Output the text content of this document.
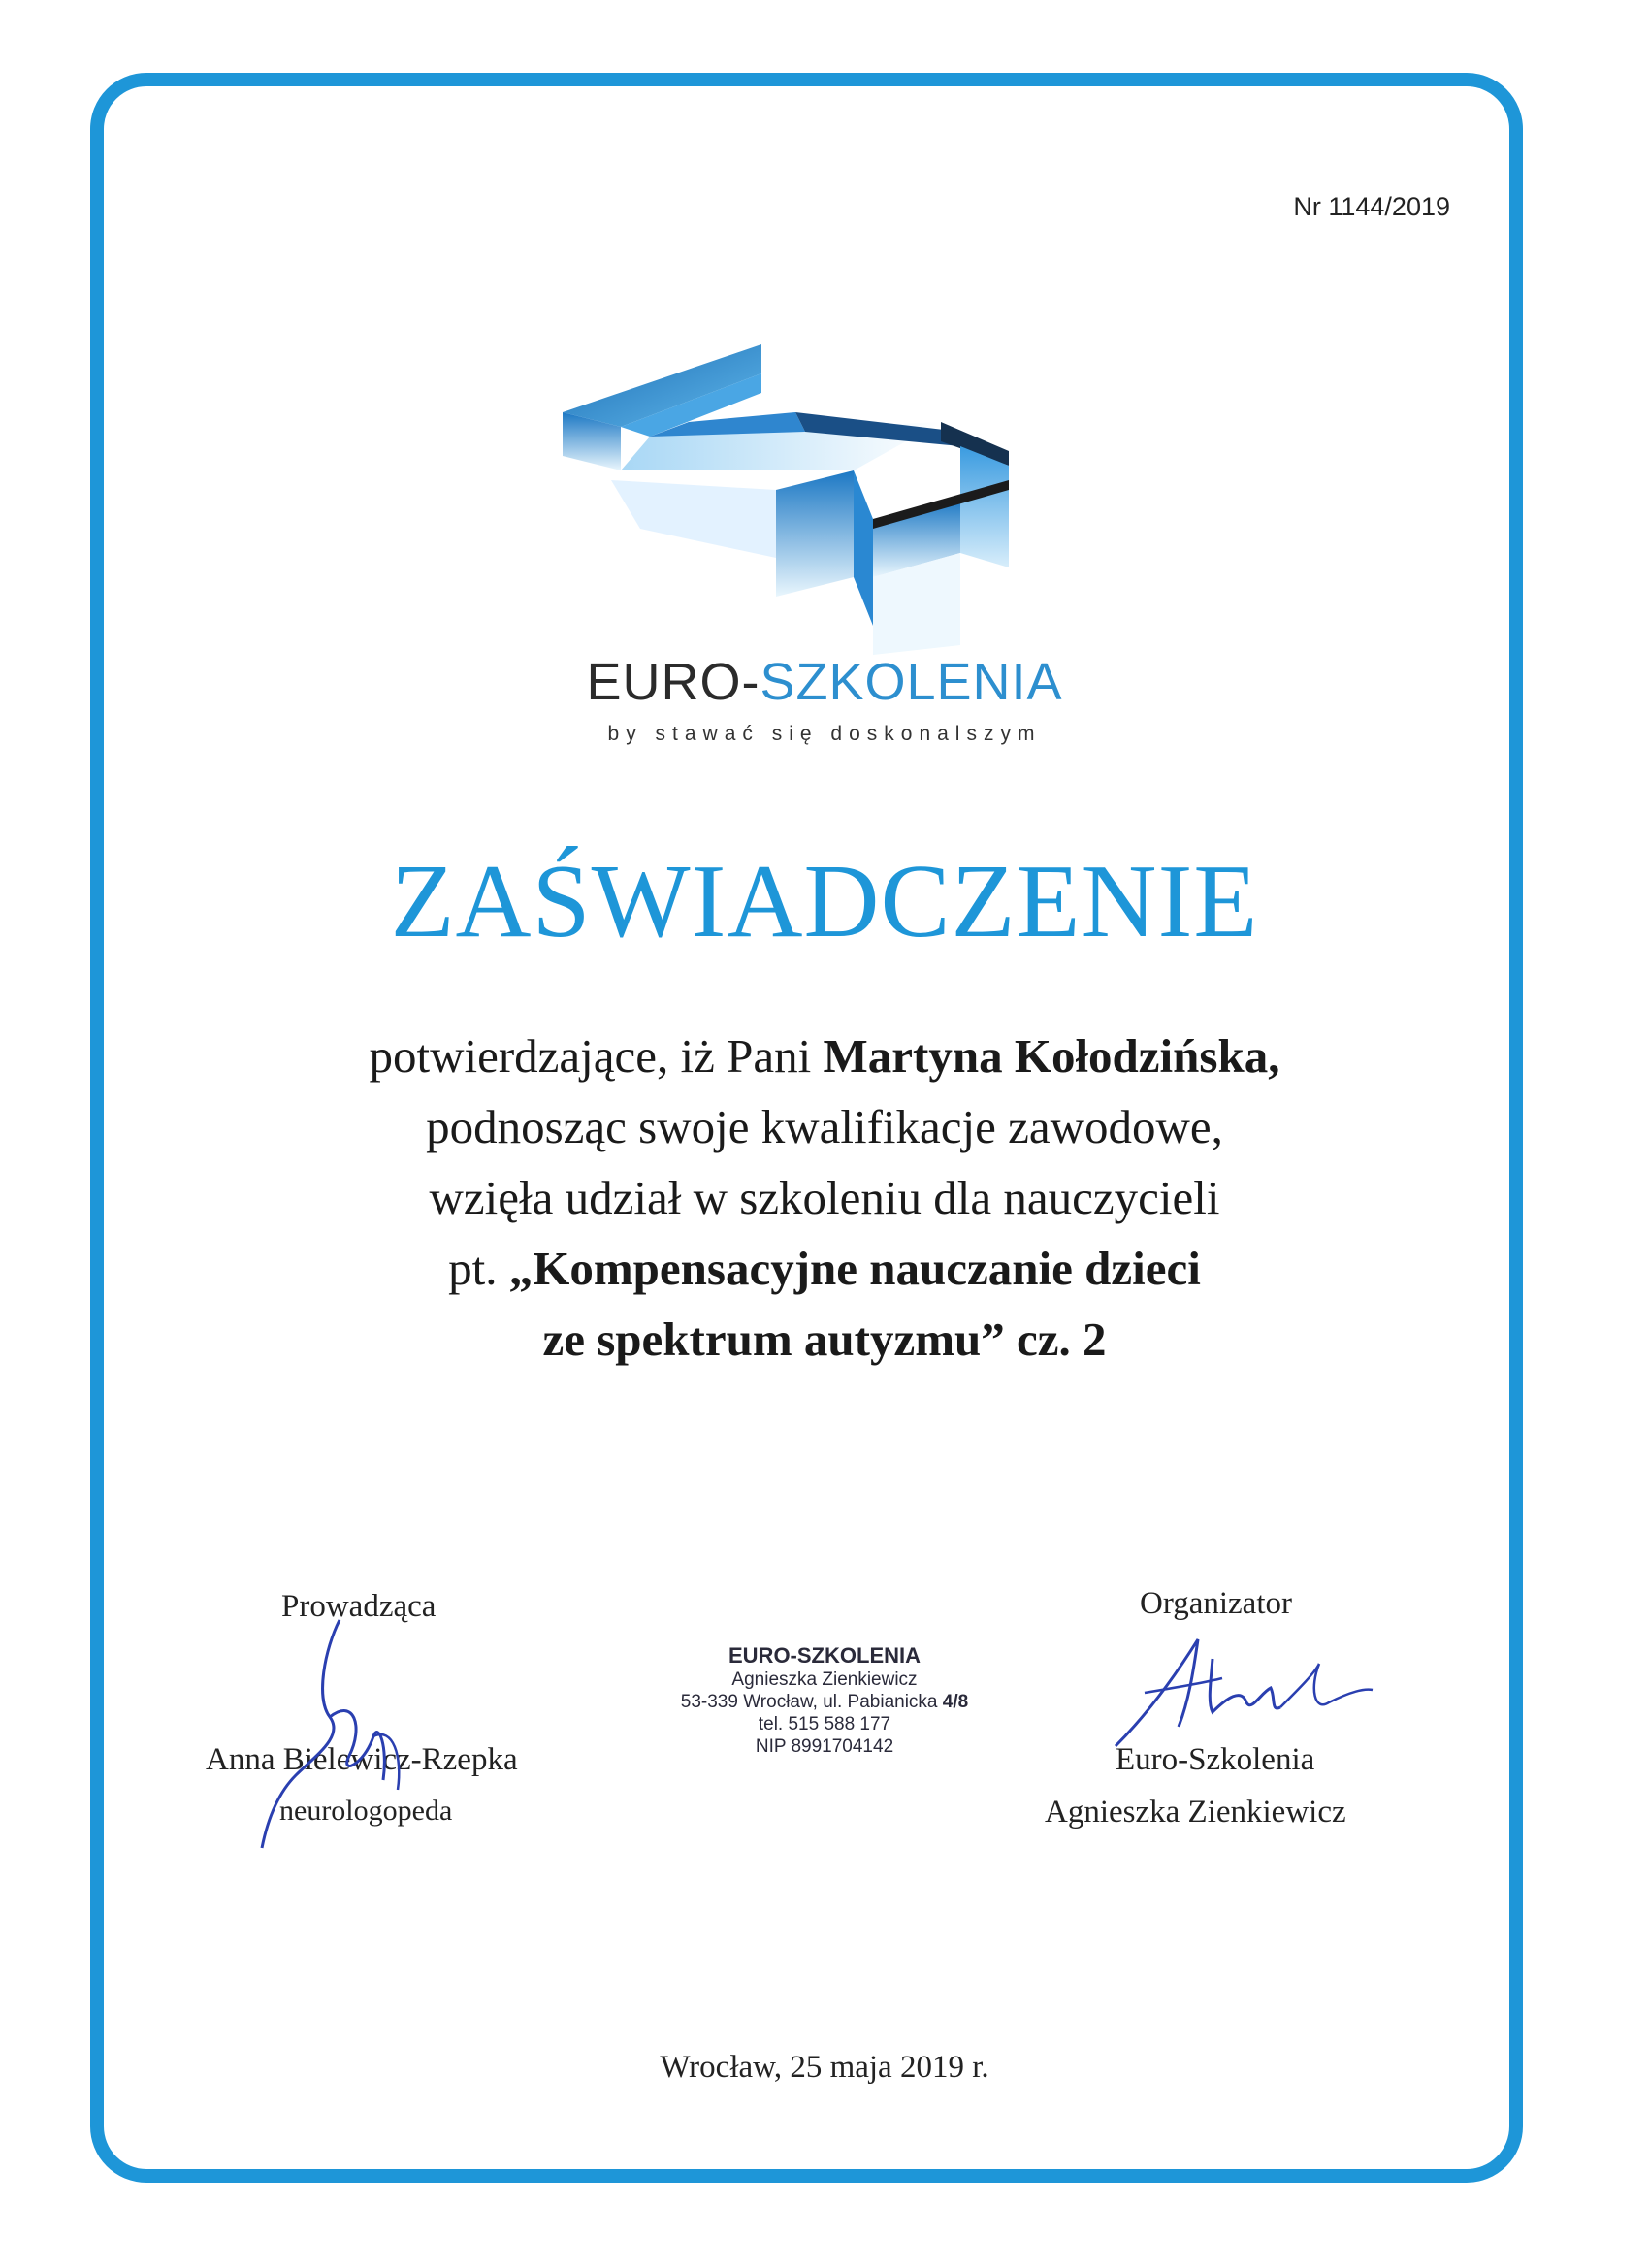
Nr 1144/2019
EURO-SZKOLENIA
by stawać się doskonalszym
ZAŚWIADCZENIE
potwierdzające, iż Pani Martyna Kołodzińska,
podnosząc swoje kwalifikacje zawodowe,
wzięła udział w szkoleniu dla nauczycieli
pt. „Kompensacyjne nauczanie dzieci
ze spektrum autyzmu” cz. 2
Prowadząca
Anna Bielewicz-Rzepka
neurologopeda
EURO-SZKOLENIA
Agnieszka Zienkiewicz
53-339 Wrocław, ul. Pabianicka 4/8
tel. 515 588 177
NIP 8991704142
Organizator
Euro-Szkolenia
Agnieszka Zienkiewicz
Wrocław, 25 maja 2019 r.
